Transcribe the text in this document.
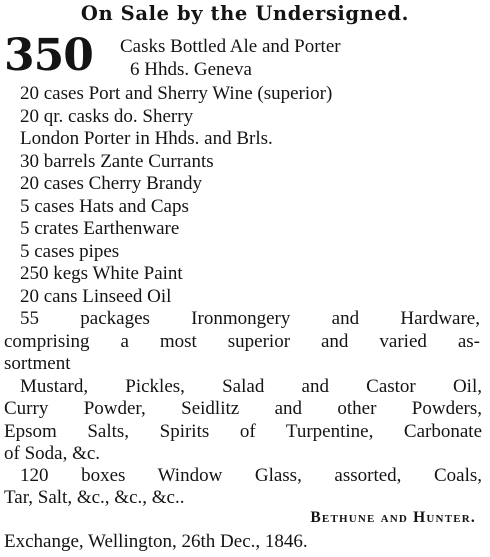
On Sale by the Undersigned.
350 Casks Bottled Ale and Porter
6 Hhds. Geneva
20 cases Port and Sherry Wine (superior)
20 qr. casks do. Sherry
London Porter in Hhds. and Brls.
30 barrels Zante Currants
20 cases Cherry Brandy
5 cases Hats and Caps
5 crates Earthenware
5 cases pipes
250 kegs White Paint
20 cans Linseed Oil
55 packages Ironmongery and Hardware,
comprising a most superior and varied as-
sortment
Mustard, Pickles, Salad and Castor Oil,
Curry Powder, Seidlitz and other Powders,
Epsom Salts, Spirits of Turpentine, Carbonate
of Soda, &c.
120 boxes Window Glass, assorted, Coals,
Tar, Salt, &c., &c., &c..
Bethune and Hunter.
Exchange, Wellington, 26th Dec., 1846.
